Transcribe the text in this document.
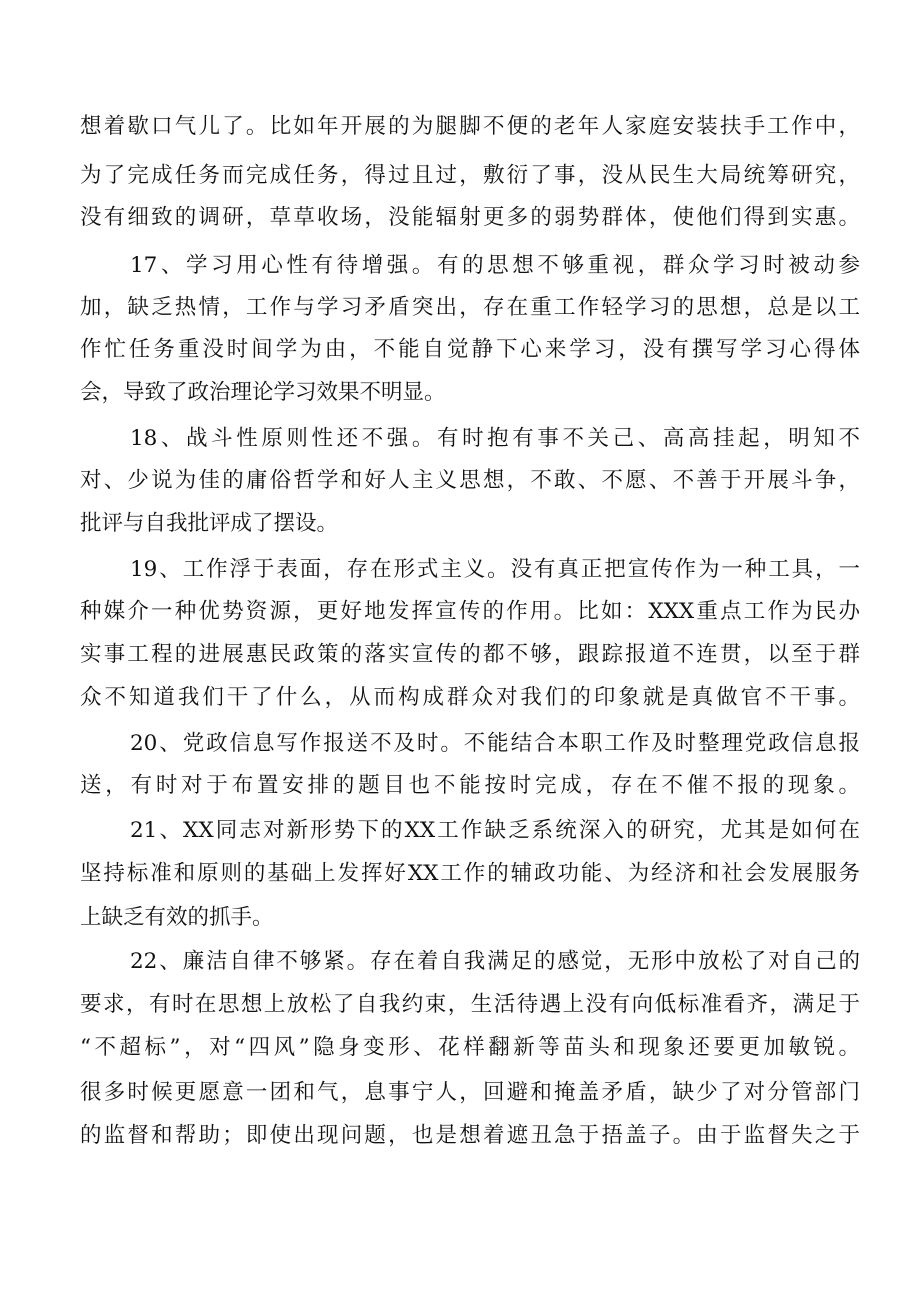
想着歇口气儿了。比如年开展的为腿脚不便的老年人家庭安装扶手工作中，

为了完成任务而完成任务，得过且过，敷衍了事，没从民生大局统筹研究，

没有细致的调研，草草收场，没能辐射更多的弱势群体，使他们得到实惠。

17、学习用心性有待增强。有的思想不够重视，群众学习时被动参

加，缺乏热情，工作与学习矛盾突出，存在重工作轻学习的思想，总是以工

作忙任务重没时间学为由，不能自觉静下心来学习，没有撰写学习心得体

会，导致了政治理论学习效果不明显。

18、战斗性原则性还不强。有时抱有事不关己、高高挂起，明知不

对、少说为佳的庸俗哲学和好人主义思想，不敢、不愿、不善于开展斗争，

批评与自我批评成了摆设。

19、工作浮于表面，存在形式主义。没有真正把宣传作为一种工具，一

种媒介一种优势资源，更好地发挥宣传的作用。比如：XXX重点工作为民办

实事工程的进展惠民政策的落实宣传的都不够，跟踪报道不连贯，以至于群

众不知道我们干了什么，从而构成群众对我们的印象就是真做官不干事。

20、党政信息写作报送不及时。不能结合本职工作及时整理党政信息报

送，有时对于布置安排的题目也不能按时完成，存在不催不报的现象。

21、XX同志对新形势下的XX工作缺乏系统深入的研究，尤其是如何在

坚持标准和原则的基础上发挥好XX工作的辅政功能、为经济和社会发展服务

上缺乏有效的抓手。

22、廉洁自律不够紧。存在着自我满足的感觉，无形中放松了对自己的

要求，有时在思想上放松了自我约束，生活待遇上没有向低标准看齐，满足于

“不超标”，对“四风”隐身变形、花样翻新等苗头和现象还要更加敏锐。

很多时候更愿意一团和气，息事宁人，回避和掩盖矛盾，缺少了对分管部门

的监督和帮助；即使出现问题，也是想着遮丑急于捂盖子。由于监督失之于
